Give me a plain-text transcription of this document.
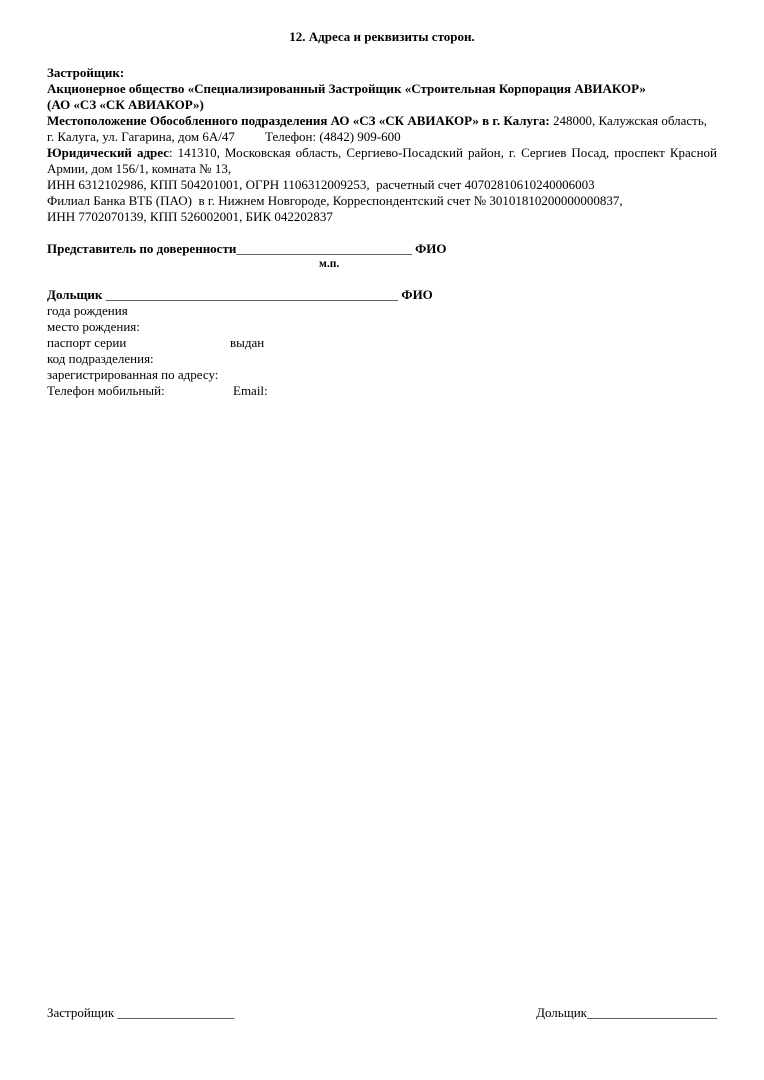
12. Адреса и реквизиты сторон.
Застройщик:
Акционерное общество «Специализированный Застройщик «Строительная Корпорация АВИАКОР»
(АО «СЗ «СК АВИАКОР»)
Местоположение Обособленного подразделения АО «СЗ «СК АВИАКОР» в г. Калуга: 248000, Калужская область,
г. Калуга, ул. Гагарина, дом 6А/47 Телефон: (4842) 909-600
Юридический адрес: 141310, Московская область, Сергиево-Посадский район, г. Сергиев Посад, проспект Красной
Армии, дом 156/1, комната № 13,
ИНН 6312102986, КПП 504201001, ОГРН 1106312009253,  расчетный счет 40702810610240006003
Филиал Банка ВТБ (ПАО)  в г. Нижнем Новгороде, Корреспондентский счет № 30101810200000000837,
ИНН 7702070139, КПП 526002001, БИК 042202837
Представитель по доверенности___________________________ ФИО
м.п.
Дольщик _____________________________________________ ФИО
года рождения
место рождения:
паспорт серии	выдан
код подразделения:
зарегистрированная по адресу:
Телефон мобильный:	Email:
Застройщик __________________	Дольщик____________________
